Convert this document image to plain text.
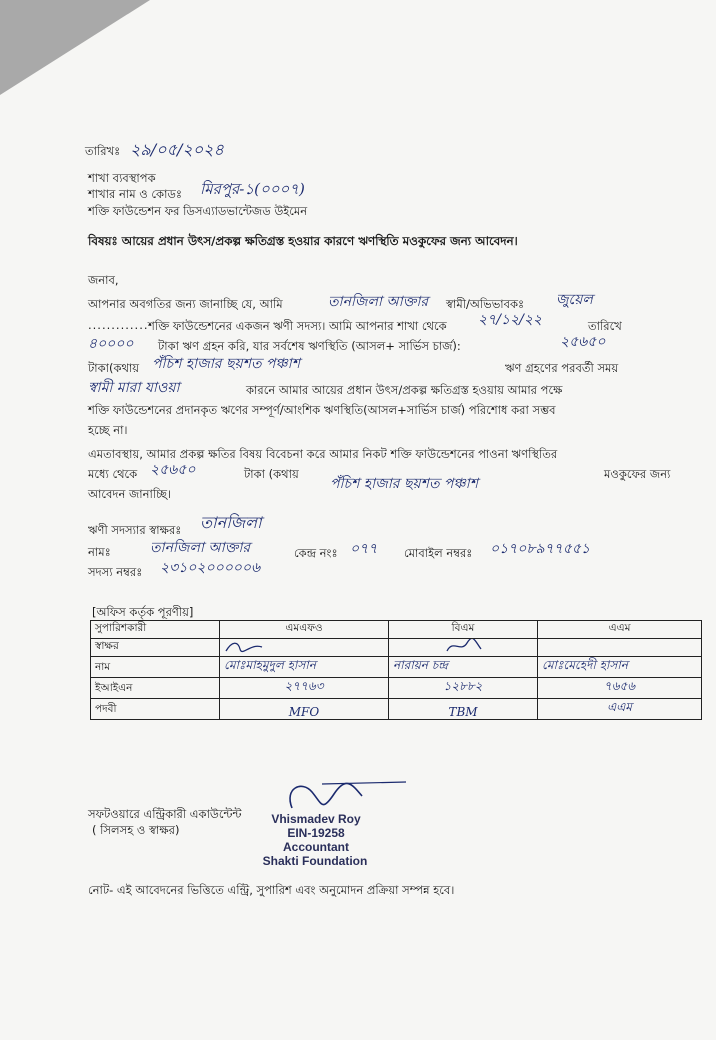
তারিখঃ ২৯/০৫/২০২৪
শাখা ব্যবস্থাপক
শাখার নাম ও কোডঃ মিরপুর-১(০০০৭)
শক্তি ফাউন্ডেশন ফর ডিসএ্যাডভান্টেজড উইমেন
বিষয়ঃ আয়ের প্রধান উৎস/প্রকল্প ক্ষতিগ্রস্ত হওয়ার কারণে ঋণস্থিতি মওকুফের জন্য আবেদন।
জনাব,
আপনার অবগতির জন্য জানাচ্ছি যে, আমি	তানজিলা আক্তার স্বামী/অভিভাবকঃ জুয়েল
............. শক্তি ফাউন্ডেশনের একজন ঋণী সদস্য। আমি আপনার শাখা থেকে ২৭/১২/২২	তারিখে
৪০০০০ টাকা ঋণ গ্রহন করি, যার সর্বশেষ ঋণস্থিতি (আসল+ সার্ভিস চার্জ):	২৫৬৫০
টাকা(কথায় পঁচিশ হাজার ছয়শত পঞ্চাশ	ঋণ গ্রহণের পরবর্তী সময়
স্বামী মারা যাওয়া	কারনে আমার আয়ের প্রধান উৎস/প্রকল্প ক্ষতিগ্রস্ত হওয়ায় আমার পক্ষে
শক্তি ফাউন্ডেশনের প্রদানকৃত ঋণের সম্পূর্ণ/আংশিক ঋণস্থিতি(আসল+সার্ভিস চার্জ) পরিশোধ করা সম্ভব
হচ্ছে না।
এমতাবস্থায়, আমার প্রকল্প ক্ষতির বিষয় বিবেচনা করে আমার নিকট শক্তি ফাউন্ডেশনের পাওনা ঋণস্থিতির
মধ্যে থেকে ২৫৬৫০	টাকা (কথায়
পঁচিশ হাজার ছয়শত পঞ্চাশ
মওকুফের জন্য
আবেদন জানাচ্ছি।
ঋণী সদস্যার স্বাক্ষরঃ তানজিলা
নামঃ	তানজিলা আক্তার
সদস্য নম্বরঃ ২৩১০২০০০০০৬
কেন্দ্র নংঃ ০৭৭ মোবাইল নম্বরঃ ০১৭০৮৯৭৭৫৫১
[অফিস কর্তৃক পূরণীয়]
সুপারিশকারী	এমএফও	বিএম	এএম
স্বাক্ষর			
নাম	মোঃমাহমুদুল হাসান	নারায়ন চন্দ্র	মোঃমেহেদী হাসান
ইআইএন	২৭৭৬৩	১২৮৮২	৭৬৫৬
পদবী	MFO	TBM	এএম
সফটওয়ারে এন্ট্রিকারী একাউন্টেন্ট
( সিলসহ ও স্বাক্ষর)
Vhismadev Roy
EIN-19258
Accountant
Shakti Foundation
নোট- এই আবেদনের ভিত্তিতে এন্ট্রি, সুপারিশ এবং অনুমোদন প্রক্রিয়া সম্পন্ন হবে।
